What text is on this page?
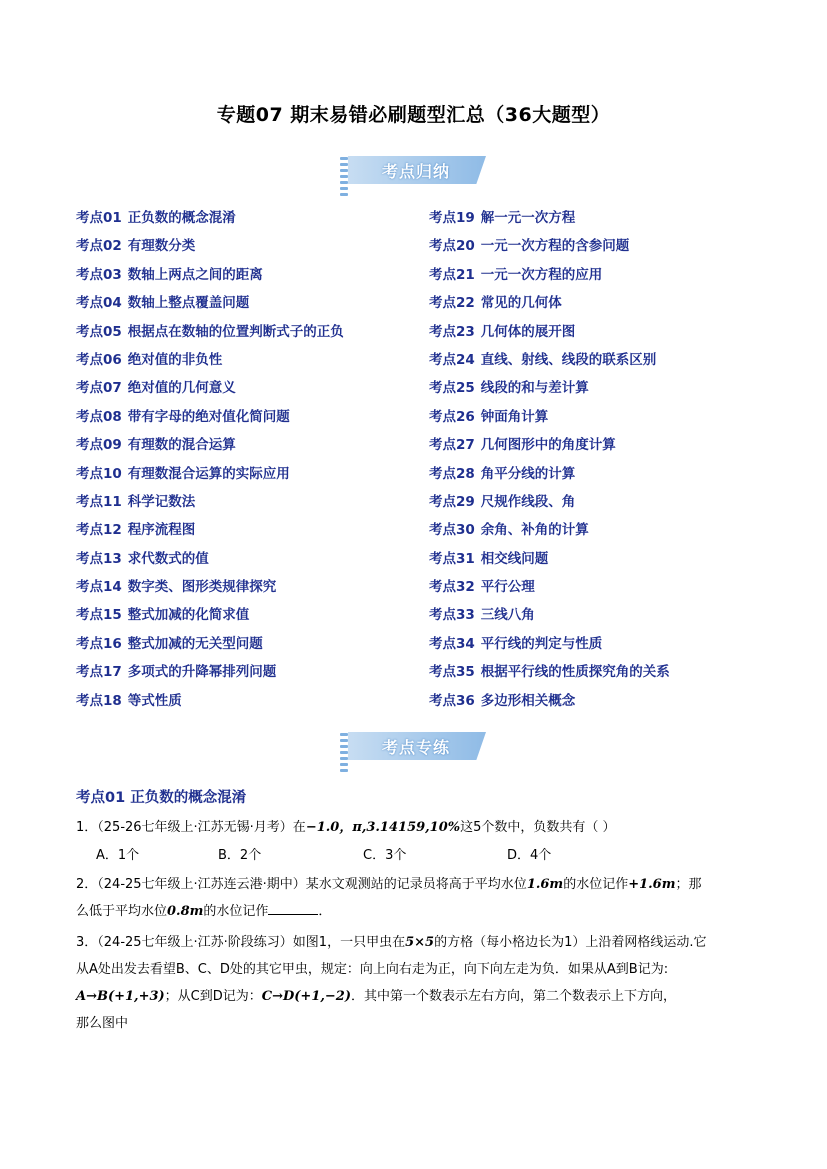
专题07 期末易错必刷题型汇总（36大题型）
考点归纳
考点01 正负数的概念混淆
考点02 有理数分类
考点03 数轴上两点之间的距离
考点04 数轴上整点覆盖问题
考点05 根据点在数轴的位置判断式子的正负
考点06 绝对值的非负性
考点07 绝对值的几何意义
考点08 带有字母的绝对值化简问题
考点09 有理数的混合运算
考点10 有理数混合运算的实际应用
考点11 科学记数法
考点12 程序流程图
考点13 求代数式的值
考点14 数字类、图形类规律探究
考点15 整式加减的化简求值
考点16 整式加减的无关型问题
考点17 多项式的升降幂排列问题
考点18 等式性质
考点19 解一元一次方程
考点20 一元一次方程的含参问题
考点21 一元一次方程的应用
考点22 常见的几何体
考点23 几何体的展开图
考点24 直线、射线、线段的联系区别
考点25 线段的和与差计算
考点26 钟面角计算
考点27 几何图形中的角度计算
考点28 角平分线的计算
考点29 尺规作线段、角
考点30 余角、补角的计算
考点31 相交线问题
考点32 平行公理
考点33 三线八角
考点34 平行线的判定与性质
考点35 根据平行线的性质探究角的关系
考点36 多边形相关概念
考点专练
考点01 正负数的概念混淆
1．（25-26七年级上·江苏无锡·月考）在−1.0，π,3.14159,10%这5个数中，负数共有（ ）
A．1个	B．2个	C．3个	D．4个
2．（24-25七年级上·江苏连云港·期中）某水文观测站的记录员将高于平均水位1.6m的水位记作+1.6m；那
么低于平均水位0.8m的水位记作	．
3．（24-25七年级上·江苏·阶段练习）如图1，一只甲虫在5×5的方格（每小格边长为1）上沿着网格线运动.它
从A处出发去看望B、C、D处的其它甲虫，规定：向上向右走为正，向下向左走为负．如果从A到B记为:
A→B(+1,+3)；从C到D记为：C→D(+1,−2)．其中第一个数表示左右方向，第二个数表示上下方向，
那么图中
